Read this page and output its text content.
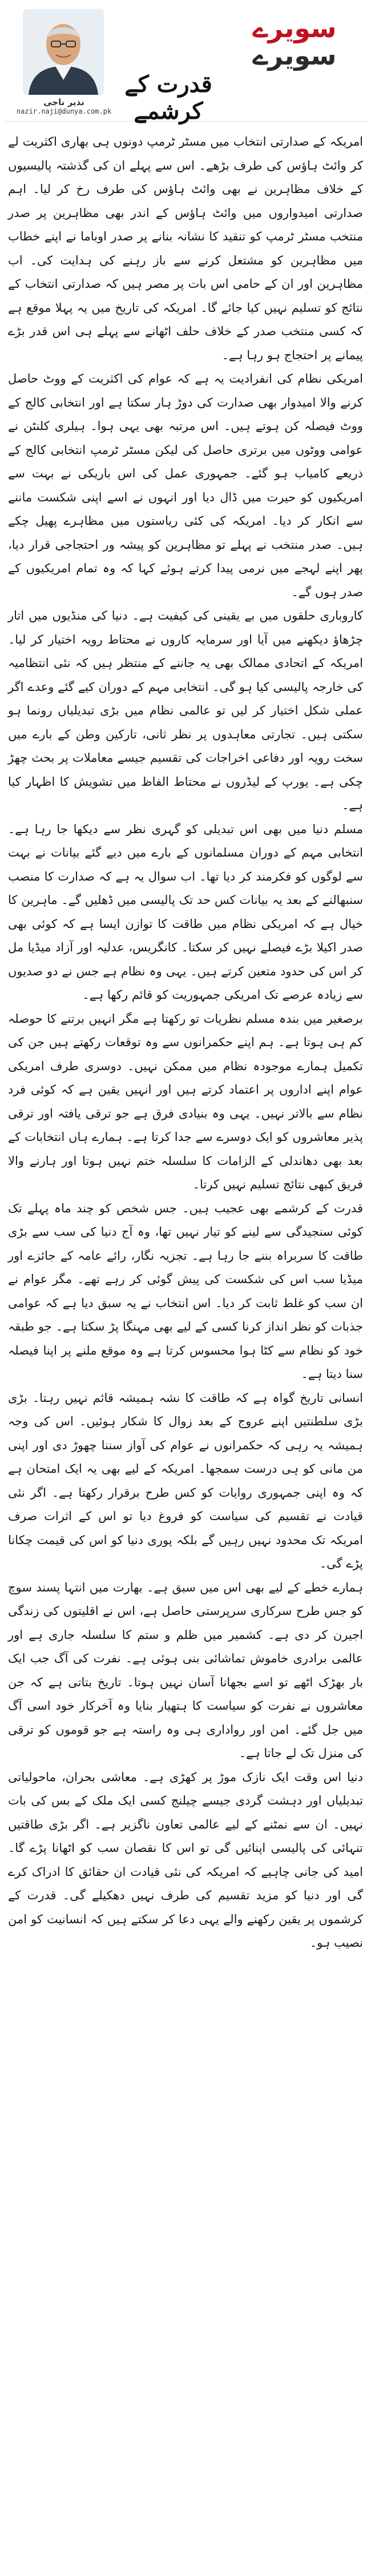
سویرے
سویرے
نذیر ناجی
nazir.naji@dunya.com.pk
قدرت کے کرشمے

امریکہ کے صدارتی انتخاب میں مسٹر ٹرمپ دونوں ہی بھاری اکثریت لے کر وائٹ ہاؤس کی طرف بڑھے۔ اس سے پہلے ان کی گذشتہ پالیسیوں کے خلاف مظاہرین نے بھی وائٹ ہاؤس کی طرف رخ کر لیا۔ اہم صدارتی امیدواروں میں وائٹ ہاؤس کے اندر بھی مظاہرین پر صدر منتخب مسٹر ٹرمپ کو تنقید کا نشانہ بنانے پر صدر اوباما نے اپنے خطاب میں مظاہرین کو مشتعل کرنے سے باز رہنے کی ہدایت کی۔ اب مظاہرین اور ان کے حامی اس بات پر مصر ہیں کہ صدارتی انتخاب کے نتائج کو تسلیم نہیں کیا جائے گا۔ امریکہ کی تاریخ میں یہ پہلا موقع ہے کہ کسی منتخب صدر کے خلاف حلف اٹھانے سے پہلے ہی اس قدر بڑے پیمانے پر احتجاج ہو رہا ہے۔

امریکی نظام کی انفرادیت یہ ہے کہ عوام کی اکثریت کے ووٹ حاصل کرنے والا امیدوار بھی صدارت کی دوڑ ہار سکتا ہے اور انتخابی کالج کے ووٹ فیصلہ کن ہوتے ہیں۔ اس مرتبہ بھی یہی ہوا۔ ہیلری کلنٹن نے عوامی ووٹوں میں برتری حاصل کی لیکن مسٹر ٹرمپ انتخابی کالج کے ذریعے کامیاب ہو گئے۔ جمہوری عمل کی اس باریکی نے بہت سے امریکیوں کو حیرت میں ڈال دیا اور انہوں نے اسے اپنی شکست ماننے سے انکار کر دیا۔ امریکہ کی کئی ریاستوں میں مظاہرے پھیل چکے ہیں۔ صدر منتخب نے پہلے تو مظاہرین کو پیشہ ور احتجاجی قرار دیا، پھر اپنے لہجے میں نرمی پیدا کرتے ہوئے کہا کہ وہ تمام امریکیوں کے صدر ہوں گے۔

کاروباری حلقوں میں بے یقینی کی کیفیت ہے۔ دنیا کی منڈیوں میں اتار چڑھاؤ دیکھنے میں آیا اور سرمایہ کاروں نے محتاط رویہ اختیار کر لیا۔ امریکہ کے اتحادی ممالک بھی یہ جاننے کے منتظر ہیں کہ نئی انتظامیہ کی خارجہ پالیسی کیا ہو گی۔ انتخابی مہم کے دوران کیے گئے وعدے اگر عملی شکل اختیار کر لیں تو عالمی نظام میں بڑی تبدیلیاں رونما ہو سکتی ہیں۔ تجارتی معاہدوں پر نظر ثانی، تارکین وطن کے بارے میں سخت رویہ اور دفاعی اخراجات کی تقسیم جیسے معاملات پر بحث چھڑ چکی ہے۔ یورپ کے لیڈروں نے محتاط الفاظ میں تشویش کا اظہار کیا ہے۔

مسلم دنیا میں بھی اس تبدیلی کو گہری نظر سے دیکھا جا رہا ہے۔ انتخابی مہم کے دوران مسلمانوں کے بارے میں دیے گئے بیانات نے بہت سے لوگوں کو فکرمند کر دیا تھا۔ اب سوال یہ ہے کہ صدارت کا منصب سنبھالنے کے بعد یہ بیانات کس حد تک پالیسی میں ڈھلیں گے۔ ماہرین کا خیال ہے کہ امریکی نظام میں طاقت کا توازن ایسا ہے کہ کوئی بھی صدر اکیلا بڑے فیصلے نہیں کر سکتا۔ کانگریس، عدلیہ اور آزاد میڈیا مل کر اس کی حدود متعین کرتے ہیں۔ یہی وہ نظام ہے جس نے دو صدیوں سے زیادہ عرصے تک امریکی جمہوریت کو قائم رکھا ہے۔

برصغیر میں بندہ مسلم نظریات تو رکھتا ہے مگر انہیں برتنے کا حوصلہ کم ہی ہوتا ہے۔ ہم اپنے حکمرانوں سے وہ توقعات رکھتے ہیں جن کی تکمیل ہمارے موجودہ نظام میں ممکن نہیں۔ دوسری طرف امریکی عوام اپنے اداروں پر اعتماد کرتے ہیں اور انہیں یقین ہے کہ کوئی فرد نظام سے بالاتر نہیں۔ یہی وہ بنیادی فرق ہے جو ترقی یافتہ اور ترقی پذیر معاشروں کو ایک دوسرے سے جدا کرتا ہے۔ ہمارے ہاں انتخابات کے بعد بھی دھاندلی کے الزامات کا سلسلہ ختم نہیں ہوتا اور ہارنے والا فریق کبھی نتائج تسلیم نہیں کرتا۔

قدرت کے کرشمے بھی عجیب ہیں۔ جس شخص کو چند ماہ پہلے تک کوئی سنجیدگی سے لینے کو تیار نہیں تھا، وہ آج دنیا کی سب سے بڑی طاقت کا سربراہ بننے جا رہا ہے۔ تجزیہ نگار، رائے عامہ کے جائزے اور میڈیا سب اس کی شکست کی پیش گوئی کر رہے تھے۔ مگر عوام نے ان سب کو غلط ثابت کر دیا۔ اس انتخاب نے یہ سبق دیا ہے کہ عوامی جذبات کو نظر انداز کرنا کسی کے لیے بھی مہنگا پڑ سکتا ہے۔ جو طبقہ خود کو نظام سے کٹا ہوا محسوس کرتا ہے وہ موقع ملنے پر اپنا فیصلہ سنا دیتا ہے۔

انسانی تاریخ گواہ ہے کہ طاقت کا نشہ ہمیشہ قائم نہیں رہتا۔ بڑی بڑی سلطنتیں اپنے عروج کے بعد زوال کا شکار ہوئیں۔ اس کی وجہ ہمیشہ یہ رہی کہ حکمرانوں نے عوام کی آواز سننا چھوڑ دی اور اپنی من مانی کو ہی درست سمجھا۔ امریکہ کے لیے بھی یہ ایک امتحان ہے کہ وہ اپنی جمہوری روایات کو کس طرح برقرار رکھتا ہے۔ اگر نئی قیادت نے تقسیم کی سیاست کو فروغ دیا تو اس کے اثرات صرف امریکہ تک محدود نہیں رہیں گے بلکہ پوری دنیا کو اس کی قیمت چکانا پڑے گی۔

ہمارے خطے کے لیے بھی اس میں سبق ہے۔ بھارت میں انتہا پسند سوچ کو جس طرح سرکاری سرپرستی حاصل ہے، اس نے اقلیتوں کی زندگی اجیرن کر دی ہے۔ کشمیر میں ظلم و ستم کا سلسلہ جاری ہے اور عالمی برادری خاموش تماشائی بنی ہوئی ہے۔ نفرت کی آگ جب ایک بار بھڑک اٹھے تو اسے بجھانا آسان نہیں ہوتا۔ تاریخ بتاتی ہے کہ جن معاشروں نے نفرت کو سیاست کا ہتھیار بنایا وہ آخرکار خود اسی آگ میں جل گئے۔ امن اور رواداری ہی وہ راستہ ہے جو قوموں کو ترقی کی منزل تک لے جاتا ہے۔

دنیا اس وقت ایک نازک موڑ پر کھڑی ہے۔ معاشی بحران، ماحولیاتی تبدیلیاں اور دہشت گردی جیسے چیلنج کسی ایک ملک کے بس کی بات نہیں۔ ان سے نمٹنے کے لیے عالمی تعاون ناگزیر ہے۔ اگر بڑی طاقتیں تنہائی کی پالیسی اپنائیں گی تو اس کا نقصان سب کو اٹھانا پڑے گا۔ امید کی جانی چاہیے کہ امریکہ کی نئی قیادت ان حقائق کا ادراک کرے گی اور دنیا کو مزید تقسیم کی طرف نہیں دھکیلے گی۔ قدرت کے کرشموں پر یقین رکھنے والے یہی دعا کر سکتے ہیں کہ انسانیت کو امن نصیب ہو۔
